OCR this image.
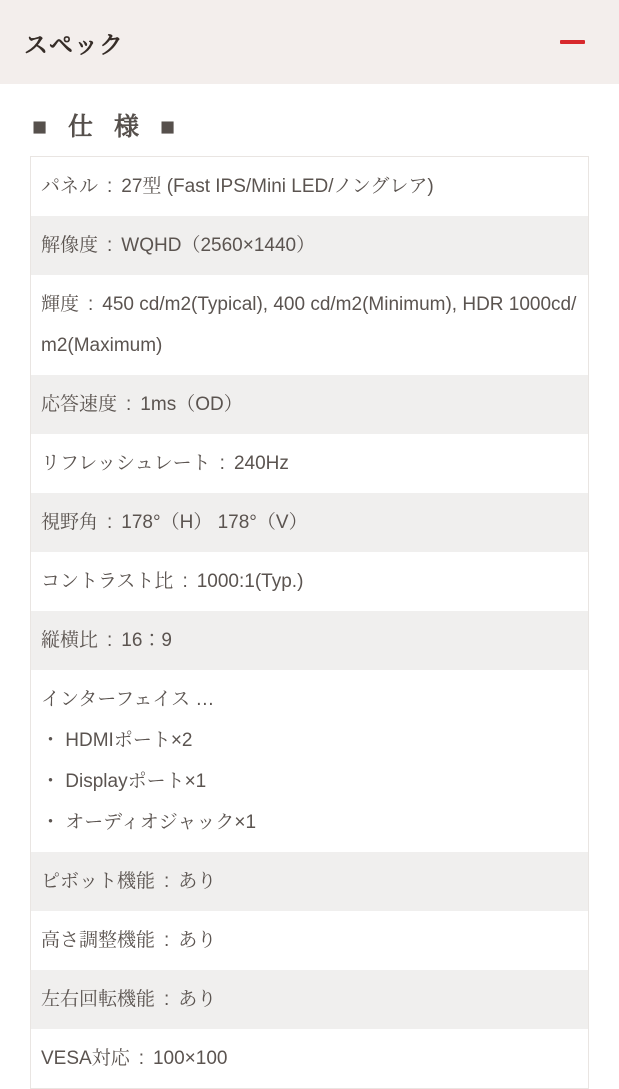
スペック
■ 仕 様 ■
パネル : 27型 (Fast IPS/Mini LED/ノングレア)
解像度 : WQHD（2560×1440）
輝度 : 450 cd/m2(Typical), 400 cd/m2(Minimum), HDR 1000cd/m2(Maximum)
応答速度 : 1ms（OD）
リフレッシュレート : 240Hz
視野角 : 178°（H） 178°（V）
コントラスト比 : 1000:1(Typ.)
縦横比 : 16：9
インターフェイス …
・ HDMIポート×2
・ Displayポート×1
・ オーディオジャック×1
ピボット機能 : あり
高さ調整機能 : あり
左右回転機能 : あり
VESA対応 : 100×100
